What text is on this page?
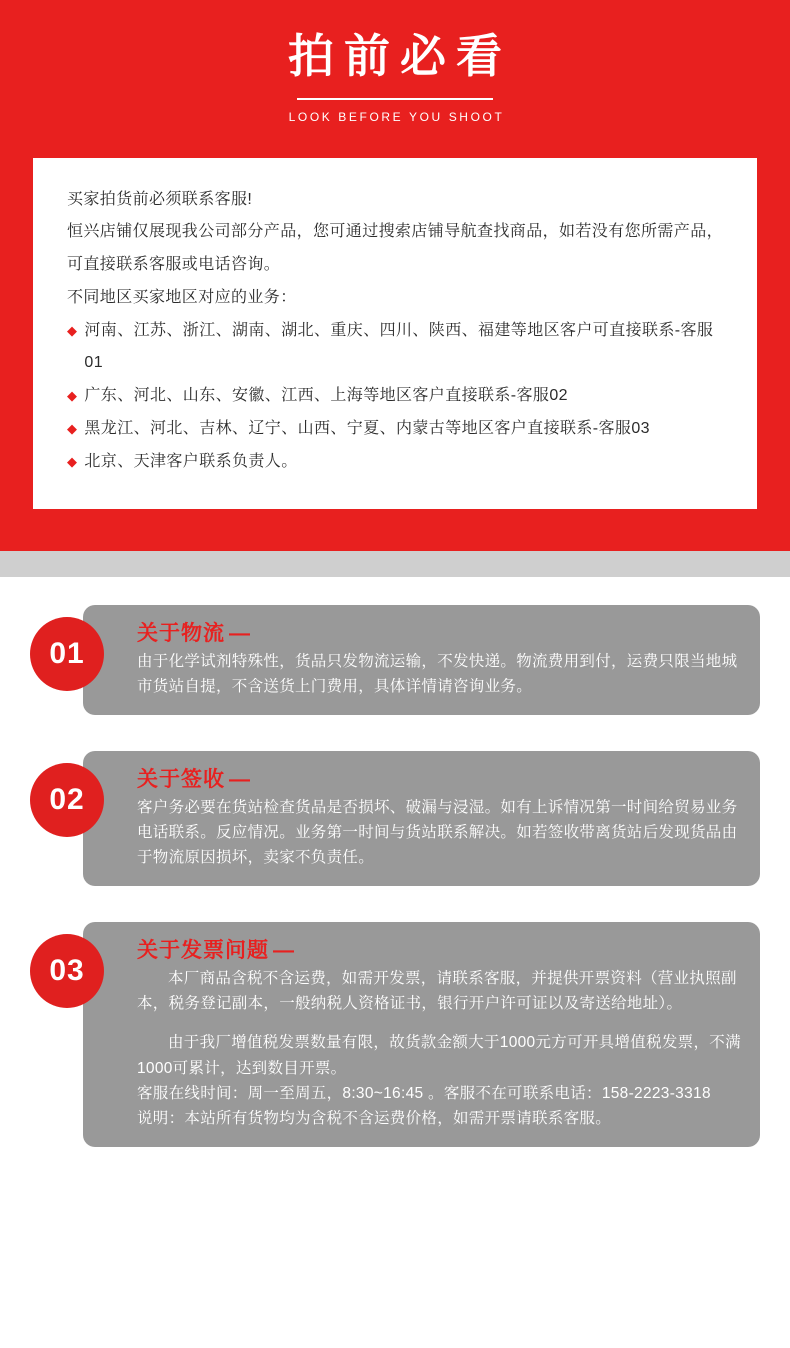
拍前必看
LOOK BEFORE YOU SHOOT
买家拍货前必须联系客服!
恒兴店铺仅展现我公司部分产品，您可通过搜索店铺导航查找商品，如若没有您所需产品，可直接联系客服或电话咨询。
不同地区买家地区对应的业务：
◆ 河南、江苏、浙江、湖南、湖北、重庆、四川、陕西、福建等地区客户可直接联系-客服01
◆ 广东、河北、山东、安徽、江西、上海等地区客户直接联系-客服02
◆ 黑龙江、河北、吉林、辽宁、山西、宁夏、内蒙古等地区客户直接联系-客服03
◆ 北京、天津客户联系负责人。
01
关于物流 —

由于化学试剂特殊性，货品只发物流运输，不发快递。物流费用到付，运费只限当地城市货站自提，不含送货上门费用，具体详情请咨询业务。

02
关于签收 —

客户务必要在货站检查货品是否损坏、破漏与浸湿。如有上诉情况第一时间给贸易业务电话联系。反应情况。业务第一时间与货站联系解决。如若签收带离货站后发现货品由于物流原因损坏，卖家不负责任。

03
关于发票问题 —

本厂商品含税不含运费，如需开发票，请联系客服，并提供开票资料（营业执照副本，税务登记副本，一般纳税人资格证书，银行开户许可证以及寄送给地址）。

由于我厂增值税发票数量有限，故货款金额大于1000元方可开具增值税发票，不满1000可累计，达到数目开票。

客服在线时间：周一至周五，8:30~16:45 。客服不在可联系电话：158-2223-3318

说明：本站所有货物均为含税不含运费价格，如需开票请联系客服。
